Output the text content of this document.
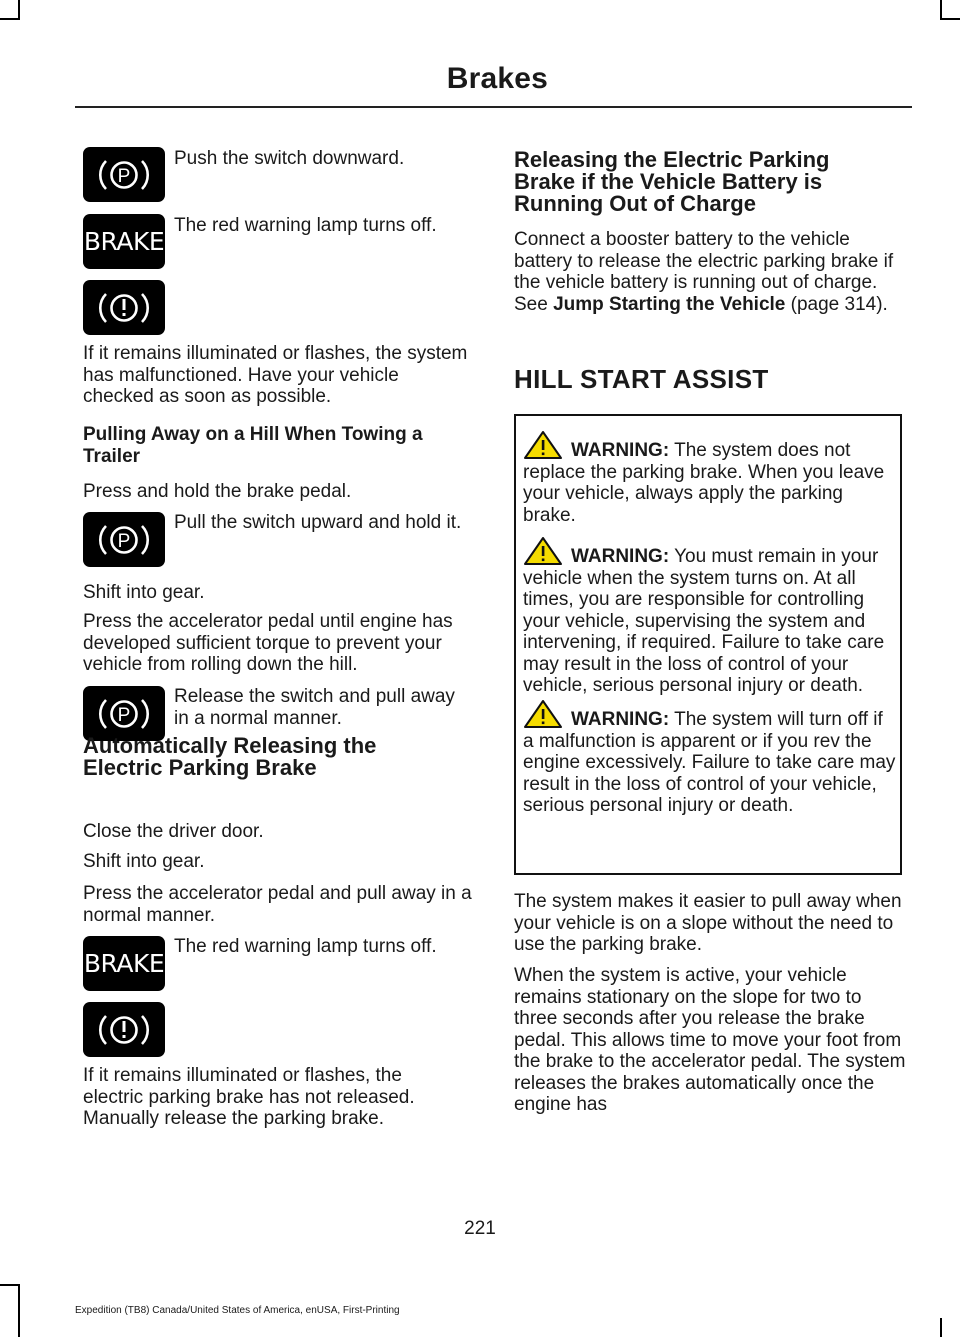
Brakes
P

Push the switch downward.

BRAKE

The red warning lamp turns off.

If it remains illuminated or flashes, the system has malfunctioned. Have your vehicle checked as soon as possible.

Pulling Away on a Hill When Towing a Trailer

Press and hold the brake pedal.

P

Pull the switch upward and hold it.

Shift into gear.

Press the accelerator pedal until engine has developed sufficient torque to prevent your vehicle from rolling down the hill.

P

Release the switch and pull away in a normal manner.

Automatically Releasing the Electric Parking Brake

Close the driver door.

Shift into gear.

Press the accelerator pedal and pull away in a normal manner.

BRAKE

The red warning lamp turns off.

If it remains illuminated or flashes, the electric parking brake has not released. Manually release the parking brake.

Releasing the Electric Parking Brake if the Vehicle Battery is Running Out of Charge

Connect a booster battery to the vehicle battery to release the electric parking brake if the vehicle battery is running out of charge. See Jump Starting the Vehicle (page 314).

HILL START ASSIST

WARNING: The system does not replace the parking brake. When you leave your vehicle, always apply the parking brake.

WARNING: You must remain in your vehicle when the system turns on. At all times, you are responsible for controlling your vehicle, supervising the system and intervening, if required. Failure to take care may result in the loss of control of your vehicle, serious personal injury or death.

WARNING: The system will turn off if a malfunction is apparent or if you rev the engine excessively. Failure to take care may result in the loss of control of your vehicle, serious personal injury or death.

The system makes it easier to pull away when your vehicle is on a slope without the need to use the parking brake.

When the system is active, your vehicle remains stationary on the slope for two to three seconds after you release the brake pedal. This allows time to move your foot from the brake to the accelerator pedal. The system releases the brakes automatically once the engine has

221
Expedition (TB8) Canada/United States of America, enUSA, First-Printing
